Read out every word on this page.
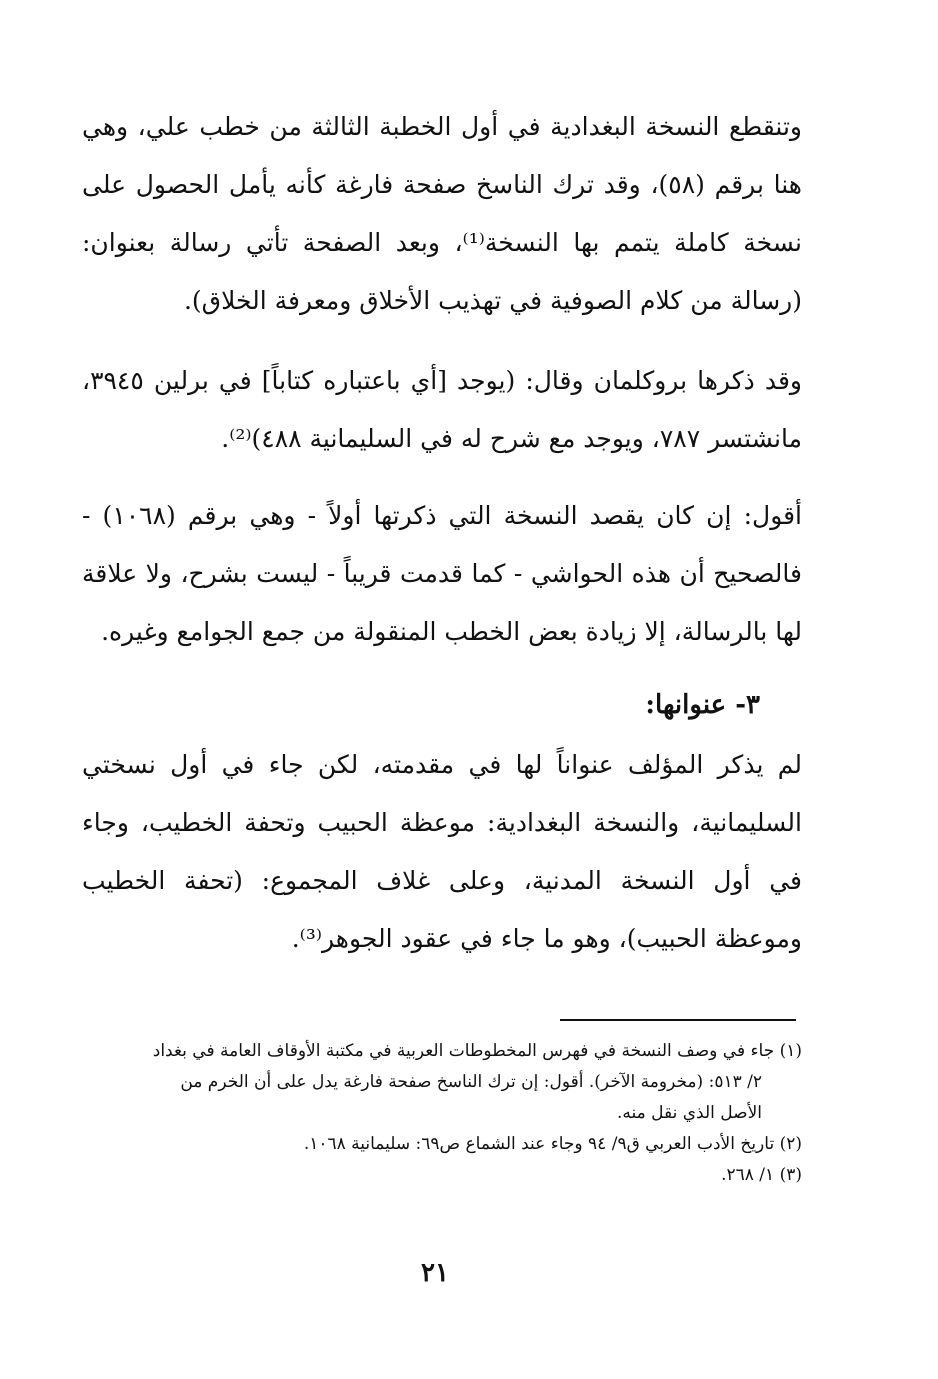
وتنقطع النسخة البغدادية في أول الخطبة الثالثة من خطب علي، وهي هنا برقم (٥٨)، وقد ترك الناسخ صفحة فارغة كأنه يأمل الحصول على نسخة كاملة يتمم بها النسخة⁽¹⁾، وبعد الصفحة تأتي رسالة بعنوان: (رسالة من كلام الصوفية في تهذيب الأخلاق ومعرفة الخلاق).

وقد ذكرها بروكلمان وقال: (يوجد [أي باعتباره كتاباً] في برلين ٣٩٤٥، مانشتسر ٧٨٧، ويوجد مع شرح له في السليمانية ٤٨٨)⁽²⁾.

أقول: إن كان يقصد النسخة التي ذكرتها أولاً - وهي برقم (١٠٦٨) - فالصحيح أن هذه الحواشي - كما قدمت قريباً - ليست بشرح، ولا علاقة لها بالرسالة، إلا زيادة بعض الخطب المنقولة من جمع الجوامع وغيره.

٣- عنوانها:

لم يذكر المؤلف عنواناً لها في مقدمته، لكن جاء في أول نسختي السليمانية، والنسخة البغدادية: موعظة الحبيب وتحفة الخطيب، وجاء في أول النسخة المدنية، وعلى غلاف المجموع: (تحفة الخطيب وموعظة الحبيب)، وهو ما جاء في عقود الجوهر⁽³⁾.

(١) جاء في وصف النسخة في فهرس المخطوطات العربية في مكتبة الأوقاف العامة في بغداد

٢/ ٥١٣: (مخرومة الآخر). أقول: إن ترك الناسخ صفحة فارغة يدل على أن الخرم من

الأصل الذي نقل منه.

(٢) تاريخ الأدب العربي ق٩/ ٩٤ وجاء عند الشماع ص٦٩: سليمانية ١٠٦٨.

(٣) ١/ ٢٦٨.

٢١
